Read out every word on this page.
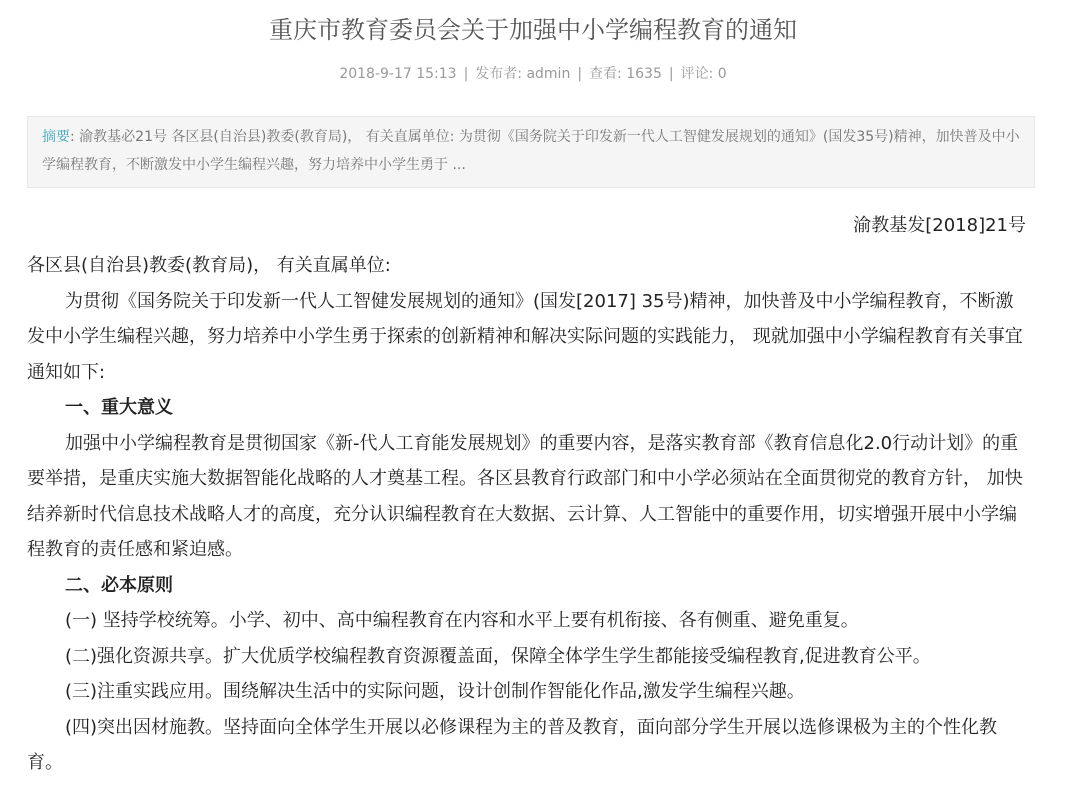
重庆市教育委员会关于加强中小学编程教育的通知
2018-9-17 15:13 | 发布者: admin | 查看: 1635 | 评论: 0
摘要: 渝教基必21号 各区县(自治县)教委(教育局)， 有关直属单位: 为贯彻《国务院关于印发新一代人工智健发展规划的通知》(国发35号)精神，加快普及中小学编程教育，不断激发中小学生编程兴趣，努力培养中小学生勇于 ...
渝教基发[2018]21号

各区县(自治县)教委(教育局)， 有关直属单位:

为贯彻《国务院关于印发新一代人工智健发展规划的通知》(国发[2017] 35号)精神，加快普及中小学编程教育，不断激发中小学生编程兴趣，努力培养中小学生勇于探索的创新精神和解决实际问题的实践能力， 现就加强中小学编程教育有关事宜通知如下:

一、重大意义

加强中小学编程教育是贯彻国家《新-代人工育能发展规划》的重要内容，是落实教育部《教育信息化2.0行动计划》的重要举措，是重庆实施大数据智能化战略的人才奠基工程。各区县教育行政部门和中小学必须站在全面贯彻党的教育方针， 加快结养新时代信息技术战略人才的高度，充分认识编程教育在大数据、云计算、人工智能中的重要作用，切实增强开展中小学编程教育的责任感和紧迫感。

二、必本原则

(一) 坚持学校统筹。小学、初中、高中编程教育在内容和水平上要有机衔接、各有侧重、避免重复。

(二)强化资源共享。扩大优质学校编程教育资源覆盖面，保障全体学生学生都能接受编程教育,促进教育公平。

(三)注重实践应用。围绕解决生活中的实际问题，设计创制作智能化作品,激发学生编程兴趣。

(四)突出因材施教。坚持面向全体学生开展以必修课程为主的普及教育，面向部分学生开展以选修课极为主的个性化教育。
